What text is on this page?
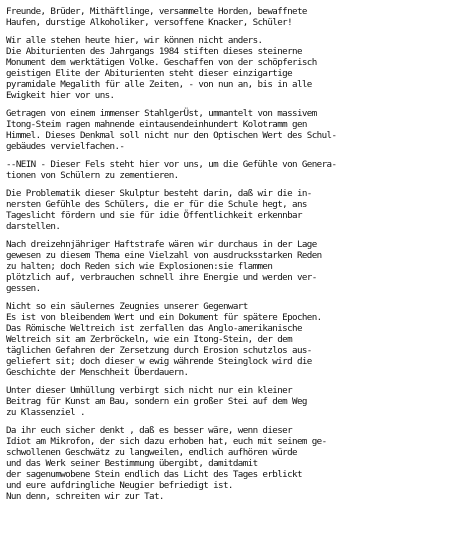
Freunde, Brüder, Mithäftlinge, versammelte Horden, bewaffnete
Haufen, durstige Alkoholiker, versoffene Knacker, Schüler!
Wir alle stehen heute hier, wir können nicht anders.
Die Abiturienten des Jahrgangs 1984 stiften dieses steinerne
Monument dem werktätigen Volke. Geschaffen von der schöpferisch
geistigen Elite der Abiturienten steht dieser einzigartige
pyramidale Megalith für alle Zeiten, - von nun an, bis in alle
Ewigkeit hier vor uns.
Getragen von einem immenser StahlgerÜst, ummantelt von massivem
Itong-Steim ragen mahnende eintausendeinhundert Kolotramm gen
Himmel. Dieses Denkmal soll nicht nur den Optischen Wert des Schul-
gebäudes vervielfachen.-
--NEIN - Dieser Fels steht hier vor uns, um die Gefühle von Genera-
tionen von Schülern zu zementieren.
Die Problematik dieser Skulptur besteht darin, daß wir die in-
nersten Gefühle des Schülers, die er für die Schule hegt, ans
Tageslicht fördern und sie für idie Öffentlichkeit erkennbar
darstellen.
Nach dreizehnjähriger Haftstrafe wären wir durchaus in der Lage
gewesen zu diesem Thema eine Vielzahl von ausdrucksstarken Reden
zu halten; doch Reden sich wie Explosionen:sie flammen
plötzlich auf, verbrauchen schnell ihre Energie und werden ver-
gessen.
Nicht so ein säulernes Zeugnies unserer Gegenwart
Es ist von bleibendem Wert und ein Dokument für spätere Epochen.
Das Römische Weltreich ist zerfallen das Anglo-amerikanische
Weltreich sit am Zerbröckeln, wie ein Itong-Stein, der dem
täglichen Gefahren der Zersetzung durch Erosion schutzlos aus-
geliefert sit; doch dieser w ewig währende Steinglock wird die
Geschichte der Menschheit Überdauern.
Unter dieser Umhüllung verbirgt sich nicht nur ein kleiner
Beitrag für Kunst am Bau, sondern ein großer Stei auf dem Weg
zu Klassenziel .
Da ihr euch sicher denkt , daß es besser wäre, wenn dieser
Idiot am Mikrofon, der sich dazu erhoben hat, euch mit seinem ge-
schwollenen Geschwätz zu langweilen, endlich aufhören würde
und das Werk seiner Bestimmung übergibt, damitdamit
der sagenumwobene Stein endlich das Licht des Tages erblickt
und eure aufdringliche Neugier befriedigt ist.
Nun denn, schreiten wir zur Tat.
